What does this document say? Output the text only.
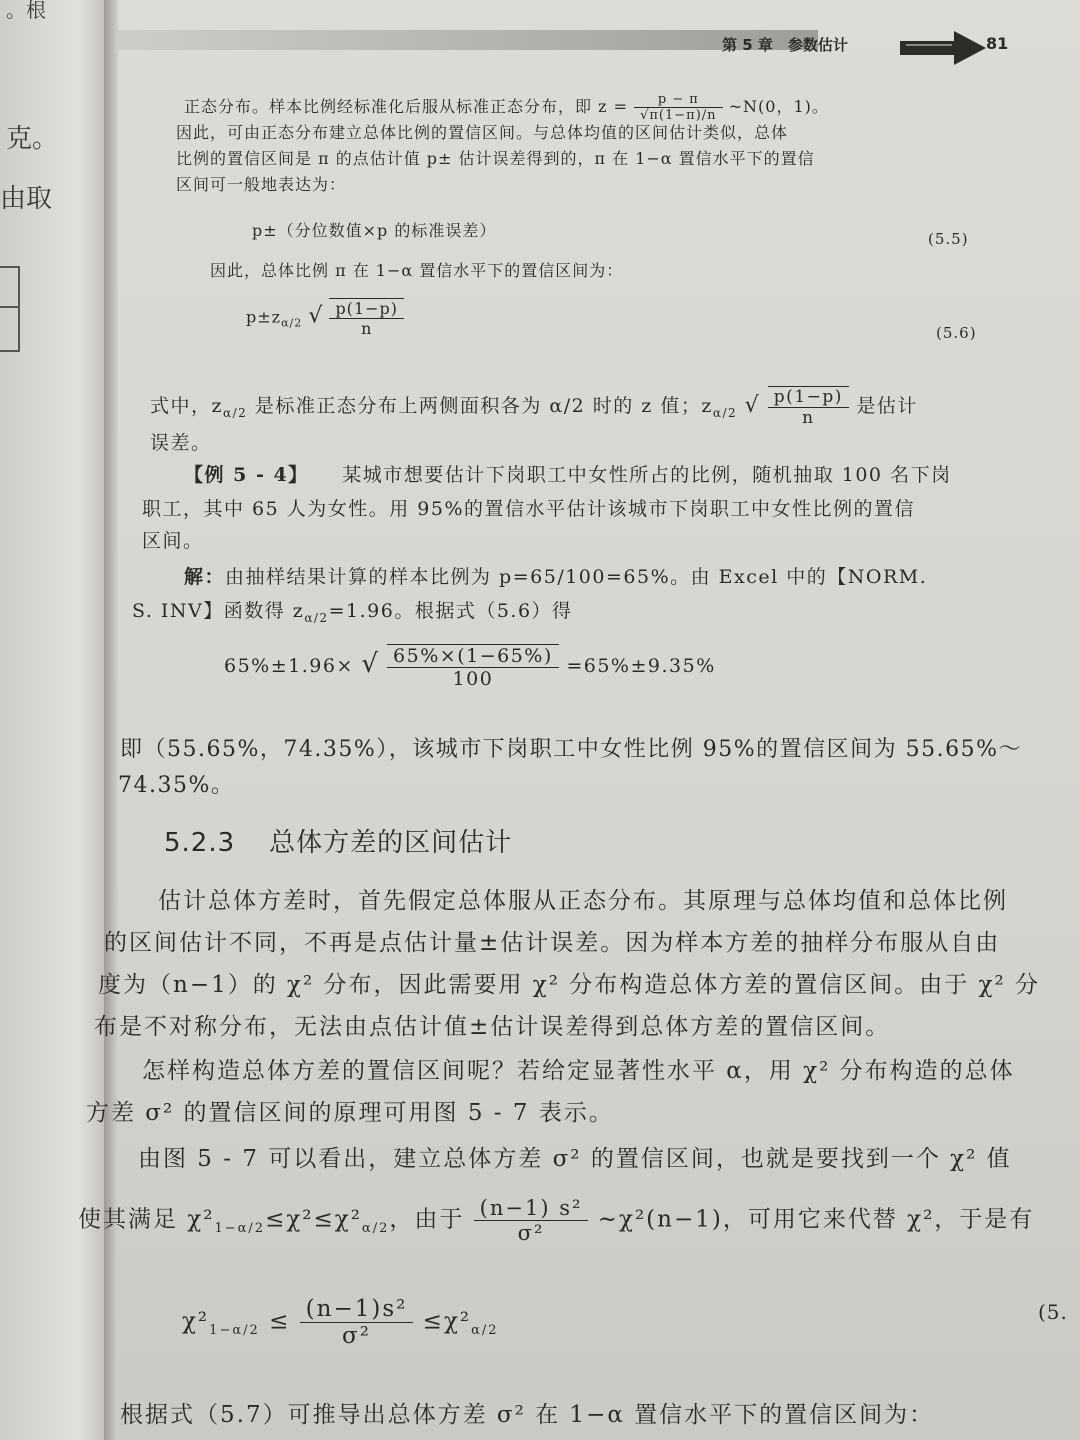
。根
克。
由取
第 5 章　参数估计	81
正态分布。样本比例经标准化后服从标准正态分布，即 $z = \frac{p - \pi}{√\pi(1-\pi)/n}$ ~N(0，1)。
因此，可由正态分布建立总体比例的置信区间。与总体均值的区间估计类似，总体
比例的置信区间是 π 的点估计值 p± 估计误差得到的，π 在 1−α 置信水平下的置信
区间可一般地表达为：
p±（分位数值×p 的标准误差）	(5.5)
因此，总体比例 π 在 1−α 置信水平下的置信区间为：
$p\pm z_{\alpha/2}$ √ $\frac{p(1-p)}{n}$	(5.6)
式中，$z_{\alpha/2}$ 是标准正态分布上两侧面积各为 α/2 时的 z 值；$z_{\alpha/2}$ √ $\frac{p(1-p)}{n}$ 是估计
误差。
【例 5 - 4】 某城市想要估计下岗职工中女性所占的比例，随机抽取 100 名下岗
职工，其中 65 人为女性。用 95%的置信水平估计该城市下岗职工中女性比例的置信
区间。
解：由抽样结果计算的样本比例为 p=65/100=65%。由 Excel 中的【NORM.
S. INV】函数得 $z_{\alpha/2}=1.96$。根据式（5.6）得
65%±1.96× √ $\frac{65\%\times(1-65\%)}{100} =65\%\pm 9.35\%$
即（55.65%，74.35%），该城市下岗职工中女性比例 95%的置信区间为 55.65%～
74.35%。
5.2.3 总体方差的区间估计
估计总体方差时，首先假定总体服从正态分布。其原理与总体均值和总体比例
的区间估计不同，不再是点估计量±估计误差。因为样本方差的抽样分布服从自由
度为（n−1）的 χ² 分布，因此需要用 χ² 分布构造总体方差的置信区间。由于 χ² 分
布是不对称分布，无法由点估计值±估计误差得到总体方差的置信区间。
怎样构造总体方差的置信区间呢？若给定显著性水平 α，用 χ² 分布构造的总体
方差 σ² 的置信区间的原理可用图 5 - 7 表示。
由图 5 - 7 可以看出，建立总体方差 σ² 的置信区间，也就是要找到一个 χ² 值
使其满足 $\chi^2_{1-\alpha/2}\le\chi^2\le\chi^2_{\alpha/2}$，由于 $\frac{\text{(n−1) s²}}{\text{σ²}}$ ~χ²(n−1)，可用它来代替 χ²，于是有
$\chi^2_{1-\alpha/2} \le \frac{\text{(n−1)s²}}{\text{σ²}} \le\chi^2_{\alpha/2}$
(5.
根据式（5.7）可推导出总体方差 σ² 在 1−α 置信水平下的置信区间为：
